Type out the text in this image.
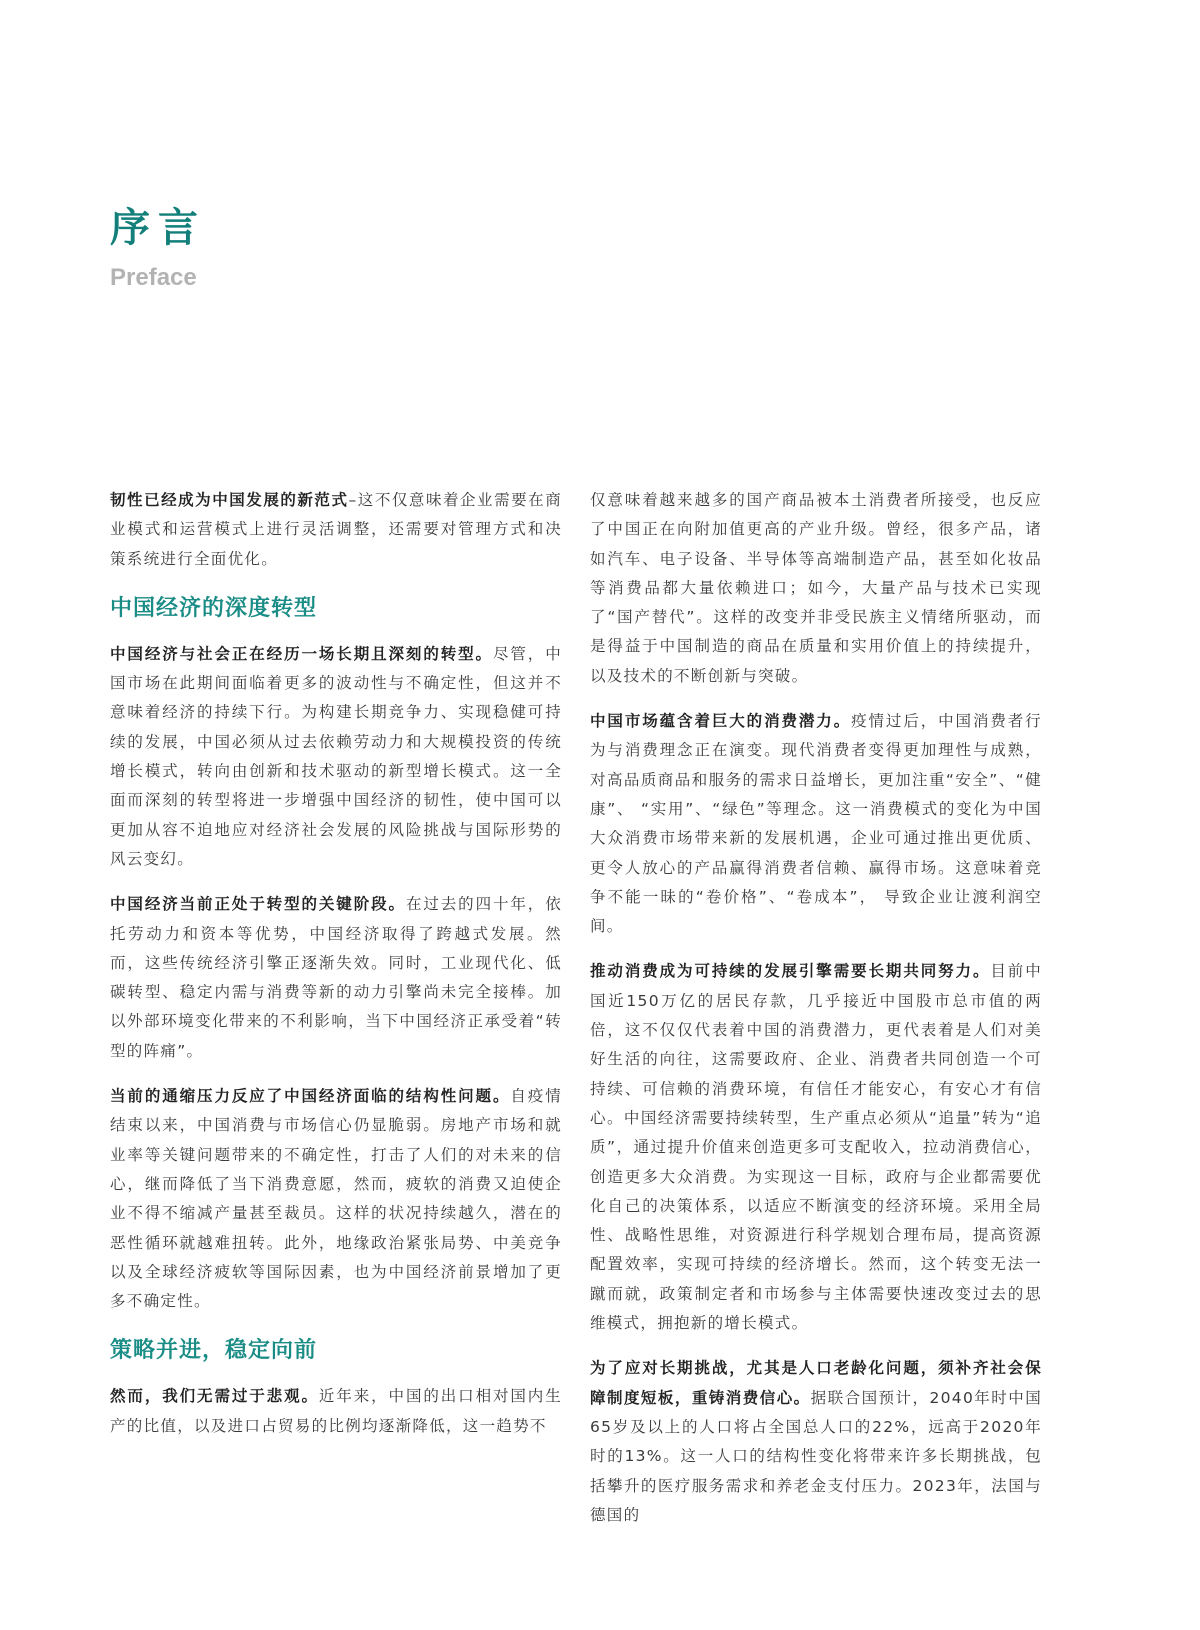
序言
Preface

韧性已经成为中国发展的新范式–这不仅意味着企业需要在商业模式和运营模式上进行灵活调整，还需要对管理方式和决策系统进行全面优化。

中国经济的深度转型

中国经济与社会正在经历一场长期且深刻的转型。尽管，中国市场在此期间面临着更多的波动性与不确定性，但这并不意味着经济的持续下行。为构建长期竞争力、实现稳健可持续的发展，中国必须从过去依赖劳动力和大规模投资的传统增长模式，转向由创新和技术驱动的新型增长模式。这一全面而深刻的转型将进一步增强中国经济的韧性，使中国可以更加从容不迫地应对经济社会发展的风险挑战与国际形势的风云变幻。

中国经济当前正处于转型的关键阶段。在过去的四十年，依托劳动力和资本等优势，中国经济取得了跨越式发展。然而，这些传统经济引擎正逐渐失效。同时，工业现代化、低碳转型、稳定内需与消费等新的动力引擎尚未完全接棒。加以外部环境变化带来的不利影响，当下中国经济正承受着“转型的阵痛”。

当前的通缩压力反应了中国经济面临的结构性问题。自疫情结束以来，中国消费与市场信心仍显脆弱。房地产市场和就业率等关键问题带来的不确定性，打击了人们的对未来的信心，继而降低了当下消费意愿，然而，疲软的消费又迫使企业不得不缩减产量甚至裁员。这样的状况持续越久，潜在的恶性循环就越难扭转。此外，地缘政治紧张局势、中美竞争以及全球经济疲软等国际因素，也为中国经济前景增加了更多不确定性。

策略并进，稳定向前

然而，我们无需过于悲观。近年来，中国的出口相对国内生产的比值，以及进口占贸易的比例均逐渐降低，这一趋势不

仅意味着越来越多的国产商品被本土消费者所接受，也反应了中国正在向附加值更高的产业升级。曾经，很多产品，诸如汽车、电子设备、半导体等高端制造产品，甚至如化妆品等消费品都大量依赖进口；如今，大量产品与技术已实现了“国产替代”。这样的改变并非受民族主义情绪所驱动，而是得益于中国制造的商品在质量和实用价值上的持续提升，以及技术的不断创新与突破。

中国市场蕴含着巨大的消费潜力。疫情过后，中国消费者行为与消费理念正在演变。现代消费者变得更加理性与成熟，对高品质商品和服务的需求日益增长，更加注重“安全”、“健康”、 “实用”、“绿色”等理念。这一消费模式的变化为中国大众消费市场带来新的发展机遇，企业可通过推出更优质、更令人放心的产品赢得消费者信赖、赢得市场。这意味着竞争不能一昧的“卷价格”、“卷成本”， 导致企业让渡利润空间。

推动消费成为可持续的发展引擎需要长期共同努力。目前中国近150万亿的居民存款，几乎接近中国股市总市值的两倍，这不仅仅代表着中国的消费潜力，更代表着是人们对美好生活的向往，这需要政府、企业、消费者共同创造一个可持续、可信赖的消费环境，有信任才能安心，有安心才有信心。中国经济需要持续转型，生产重点必须从“追量”转为“追质”，通过提升价值来创造更多可支配收入，拉动消费信心，创造更多大众消费。为实现这一目标，政府与企业都需要优化自己的决策体系，以适应不断演变的经济环境。采用全局性、战略性思维，对资源进行科学规划合理布局，提高资源配置效率，实现可持续的经济增长。然而，这个转变无法一蹴而就，政策制定者和市场参与主体需要快速改变过去的思维模式，拥抱新的增长模式。

为了应对长期挑战，尤其是人口老龄化问题，须补齐社会保障制度短板，重铸消费信心。据联合国预计，2040年时中国65岁及以上的人口将占全国总人口的22%，远高于2020年时的13%。这一人口的结构性变化将带来许多长期挑战，包括攀升的医疗服务需求和养老金支付压力。2023年，法国与德国的
